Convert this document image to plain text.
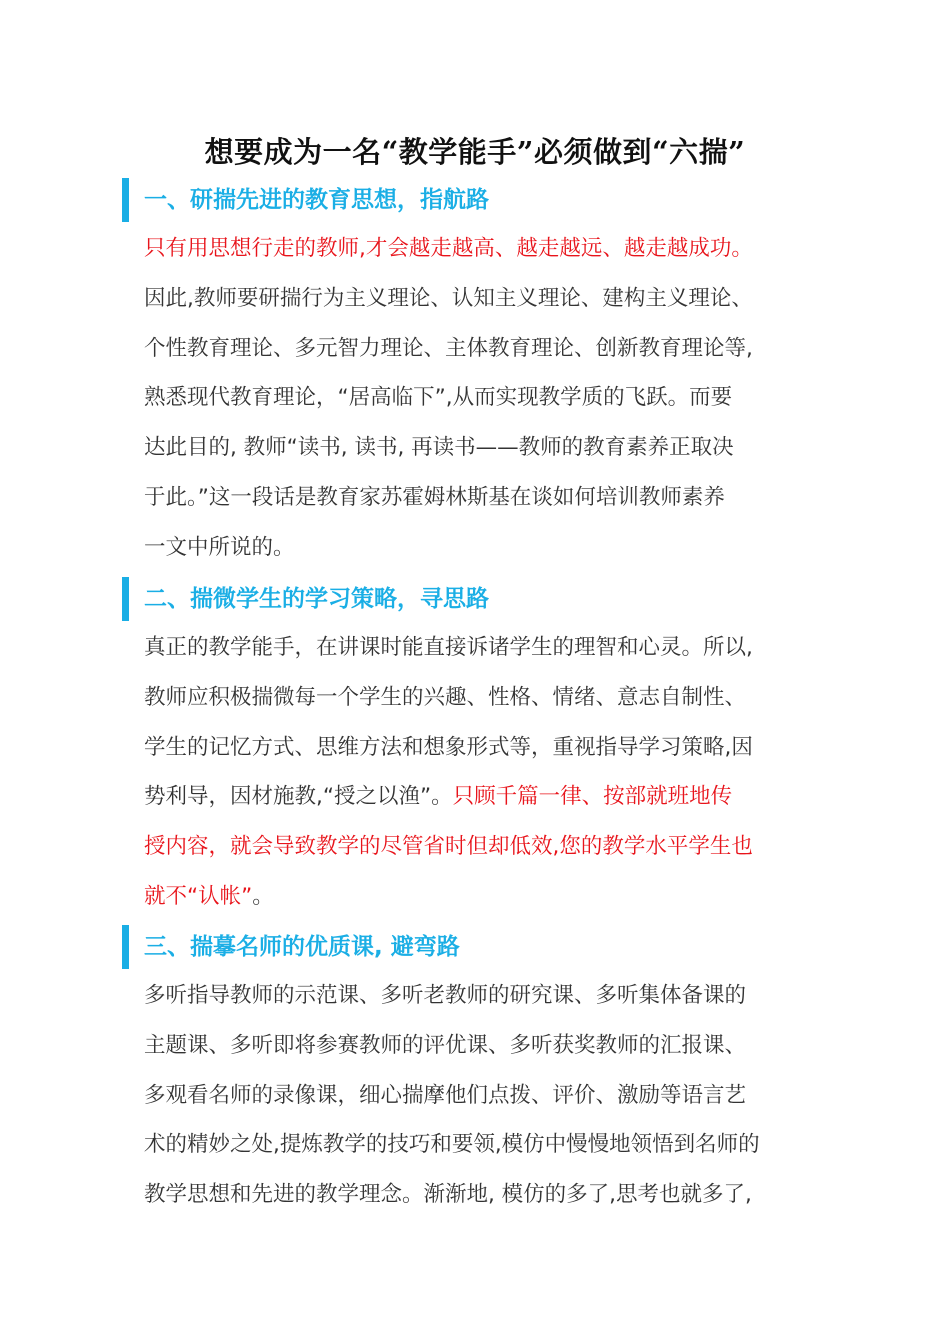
想要成为一名“教学能手”必须做到“六揣”
一、研揣先进的教育思想，指航路

只有用思想行走的教师,才会越走越高、越走越远、越走越成功。
因此,教师要研揣行为主义理论、认知主义理论、建构主义理论、
个性教育理论、多元智力理论、主体教育理论、创新教育理论等,
熟悉现代教育理论，“居高临下”,从而实现教学质的飞跃。而要
达此目的, 教师“读书, 读书, 再读书——教师的教育素养正取决
于此。”这一段话是教育家苏霍姆林斯基在谈如何培训教师素养
一文中所说的。

二、揣微学生的学习策略，寻思路

真正的教学能手，在讲课时能直接诉诸学生的理智和心灵。所以,
教师应积极揣微每一个学生的兴趣、性格、情绪、意志自制性、
学生的记忆方式、思维方法和想象形式等，重视指导学习策略,因
势利导，因材施教,“授之以渔”。只顾千篇一律、按部就班地传
授内容，就会导致教学的尽管省时但却低效,您的教学水平学生也
就不“认帐”。

三、揣摹名师的优质课, 避弯路

多听指导教师的示范课、多听老教师的研究课、多听集体备课的
主题课、多听即将参赛教师的评优课、多听获奖教师的汇报课、
多观看名师的录像课，细心揣摩他们点拨、评价、激励等语言艺
术的精妙之处,提炼教学的技巧和要领,模仿中慢慢地领悟到名师的
教学思想和先进的教学理念。渐渐地, 模仿的多了,思考也就多了,
